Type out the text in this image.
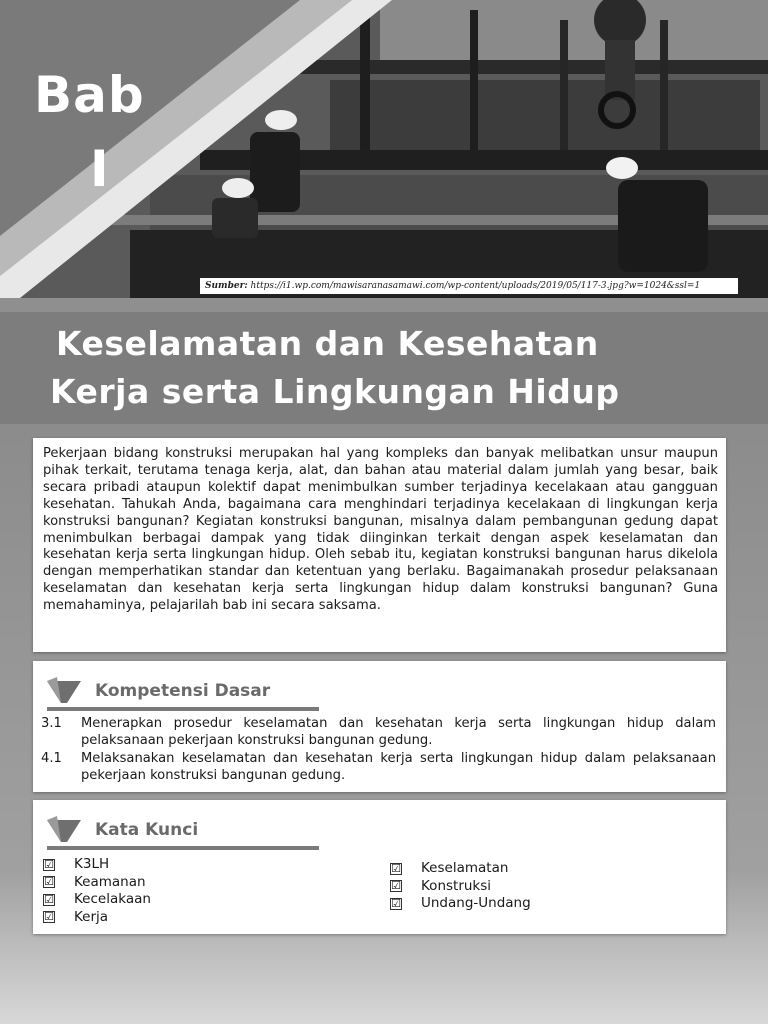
Bab
I
Sumber: https://i1.wp.com/mawisaranasamawi.com/wp-content/uploads/2019/05/117-3.jpg?w=1024&ssl=1
Keselamatan dan Kesehatan
Kerja serta Lingkungan Hidup

Pekerjaan bidang konstruksi merupakan hal yang kompleks dan banyak melibatkan unsur maupun pihak terkait, terutama tenaga kerja, alat, dan bahan atau material dalam jumlah yang besar, baik secara pribadi ataupun kolektif dapat menimbulkan sumber terjadinya kecelakaan atau gangguan kesehatan. Tahukah Anda, bagaimana cara menghindari terjadinya kecelakaan di lingkungan kerja konstruksi bangunan? Kegiatan konstruksi bangunan, misalnya dalam pembangunan gedung dapat menimbulkan berbagai dampak yang tidak diinginkan terkait dengan aspek keselamatan dan kesehatan kerja serta lingkungan hidup. Oleh sebab itu, kegiatan konstruksi bangunan harus dikelola dengan memperhatikan standar dan ketentuan yang berlaku. Bagaimanakah prosedur pelaksanaan keselamatan dan kesehatan kerja serta lingkungan hidup dalam konstruksi bangunan? Guna memahaminya, pelajarilah bab ini secara saksama.

Kompetensi Dasar
3.1	Menerapkan prosedur keselamatan dan kesehatan kerja serta lingkungan hidup dalam pelaksanaan pekerjaan konstruksi bangunan gedung.
4.1	Melaksanakan keselamatan dan kesehatan kerja serta lingkungan hidup dalam pelaksanaan pekerjaan konstruksi bangunan gedung.
Kata Kunci
☑ K3LH
☑ Keamanan
☑ Kecelakaan
☑ Kerja
☑ Keselamatan
☑ Konstruksi
☑ Undang-Undang
